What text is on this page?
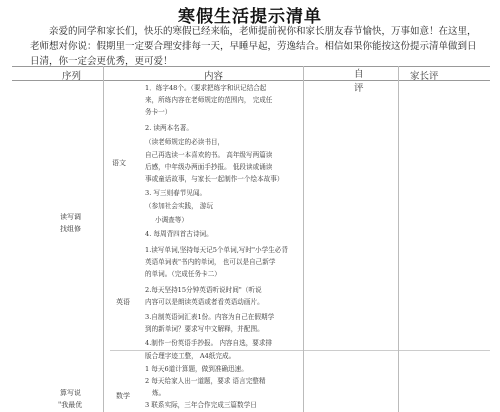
寒假生活提示清单
亲爱的同学和家长们，快乐的寒假已经来临，老师提前祝你和家长朋友春节愉快，万事如意！在这里，老师想对你说：假期里一定要合理安排每一天，早睡早起，劳逸结合。相信如果你能按这份提示清单做到日日清，你一定会更优秀，更可爱！
序列	内容	自评
家长评
读写调
找组修
语文
英语
数学
算写说
"我最优
1．练字48个。（要求把练字和识记结合起
来，所练内容在老师规定的范围内， 完成任
务卡一）
2. 读两本名著。
（读老师规定的必读书目，
自己再选读一本喜欢的书。 高年级写两篇读
后感，中年级办两面手抄报。 低段读或诵读
事或童话故事，与家长一起制作一个绘本故事）
3. 写三则春节见闻。
（参加社会实践， 游玩
小调查等）
4. 每周背四首古诗词。
1.读写单词,坚持每天记5个单词,写时"小学生必背
英语单词表"书内的单词， 也可以是自己新学
的单词。（完成任务卡二）
2.每天坚持15分钟英语听说时间"（听说
内容可以是朗读英语或者看英语动画片。
3.自制英语词汇表1份。内容为自己在假期学
到的新单词？要求写中文解释，并配图。
4.制作一份英语手抄报。 内容自选，要求排
版合理字迹工整， A4纸完成。
1 每天6道计算题，做到准确迅速。
2 每天给家人出一道题，要求 语言完整精
炼。
3 联系实际，三年合作完成三篇数学日
